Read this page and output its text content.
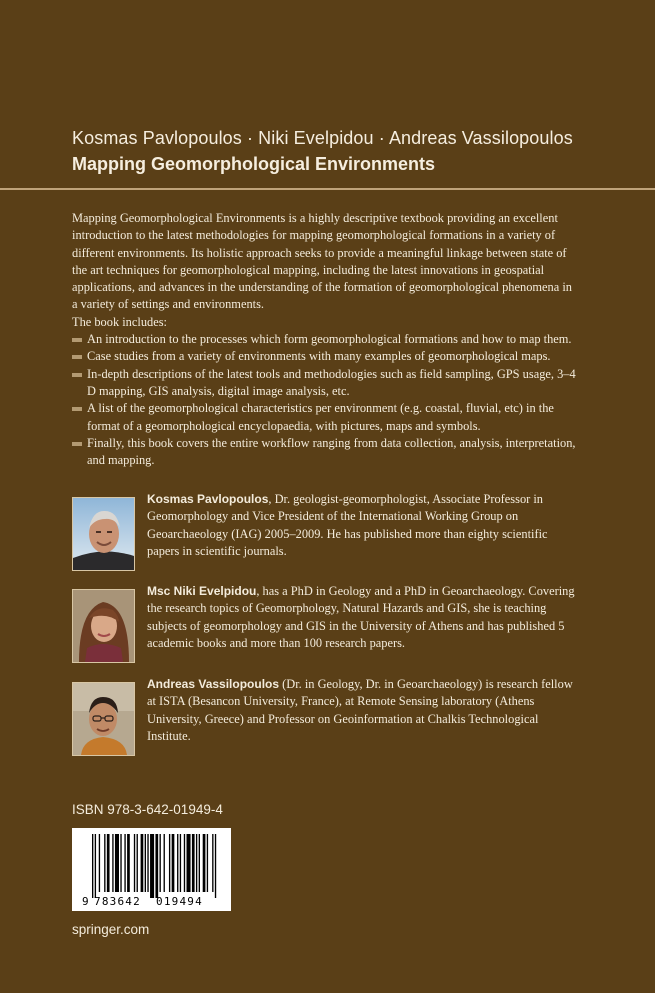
Kosmas Pavlopoulos · Niki Evelpidou · Andreas Vassilopoulos
Mapping Geomorphological Environments

Mapping Geomorphological Environments is a highly descriptive textbook providing an excellent introduction to the latest methodologies for mapping geomorphological formations in a variety of different environments. Its holistic approach seeks to provide a meaningful linkage between state of the art techniques for geomorphological mapping, including the latest innovations in geospatial applications, and advances in the understanding of the formation of geomorphological phenomena in a variety of settings and environments.

The book includes:

An introduction to the processes which form geomorphological formations and how to map them.
Case studies from a variety of environments with many examples of geomorphological maps.
In-depth descriptions of the latest tools and methodologies such as field sampling, GPS usage, 3–4 D mapping, GIS analysis, digital image analysis, etc.
A list of the geomorphological characteristics per environment (e.g. coastal, fluvial, etc) in the format of a geomorphological encyclopaedia, with pictures, maps and symbols.
Finally, this book covers the entire workflow ranging from data collection, analysis, interpretation, and mapping.
Kosmas Pavlopoulos, Dr. geologist-geomorphologist, Associate Professor in Geomorphology and Vice President of the International Working Group on Geoarchaeology (IAG) 2005–2009. He has published more than eighty scientific papers in scientific journals.
Msc Niki Evelpidou, has a PhD in Geology and a PhD in Geoarchaeology. Covering the research topics of Geomorphology, Natural Hazards and GIS, she is teaching subjects of geomorphology and GIS in the University of Athens and has published 5 academic books and more than 100 research papers.
Andreas Vassilopoulos (Dr. in Geology, Dr. in Geoarchaeology) is research fellow at ISTA (Besancon University, France), at Remote Sensing laboratory (Athens University, Greece) and Professor on Geoinformation at Chalkis Technological Institute.
ISBN 978-3-642-01949-4
9 783642 019494
springer.com
